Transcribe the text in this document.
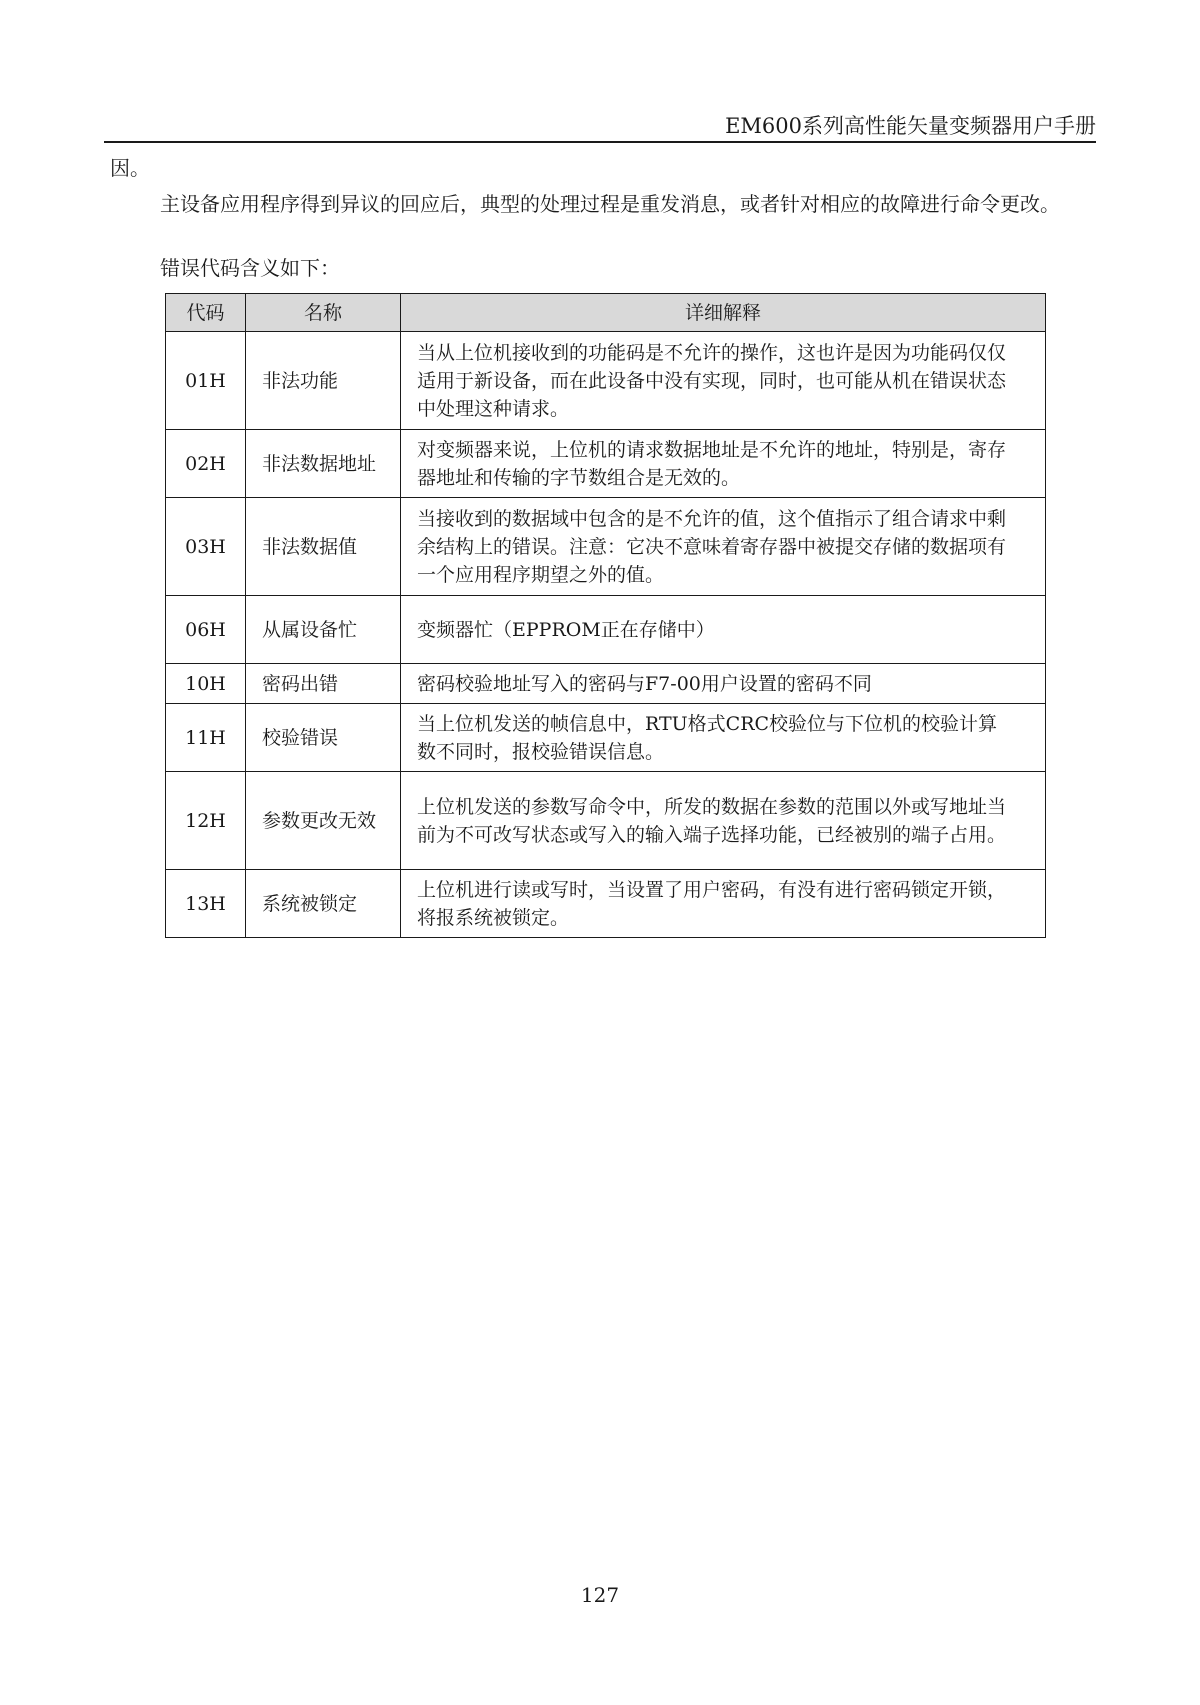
EM600系列高性能矢量变频器用户手册

因。

主设备应用程序得到异议的回应后，典型的处理过程是重发消息，或者针对相应的故障进行命令更改。

错误代码含义如下：

代码	名称	详细解释
01H	非法功能	当从上位机接收到的功能码是不允许的操作，这也许是因为功能码仅仅适用于新设备，而在此设备中没有实现，同时，也可能从机在错误状态中处理这种请求。
02H	非法数据地址	对变频器来说，上位机的请求数据地址是不允许的地址，特别是，寄存器地址和传输的字节数组合是无效的。
03H	非法数据值	当接收到的数据域中包含的是不允许的值，这个值指示了组合请求中剩余结构上的错误。注意：它决不意味着寄存器中被提交存储的数据项有一个应用程序期望之外的值。
06H	从属设备忙	变频器忙（EPPROM正在存储中）
10H	密码出错	密码校验地址写入的密码与F7-00用户设置的密码不同
11H	校验错误	当上位机发送的帧信息中，RTU格式CRC校验位与下位机的校验计算数不同时，报校验错误信息。
12H	参数更改无效	上位机发送的参数写命令中，所发的数据在参数的范围以外或写地址当前为不可改写状态或写入的输入端子选择功能，已经被别的端子占用。
13H	系统被锁定	上位机进行读或写时，当设置了用户密码，有没有进行密码锁定开锁，将报系统被锁定。
127
